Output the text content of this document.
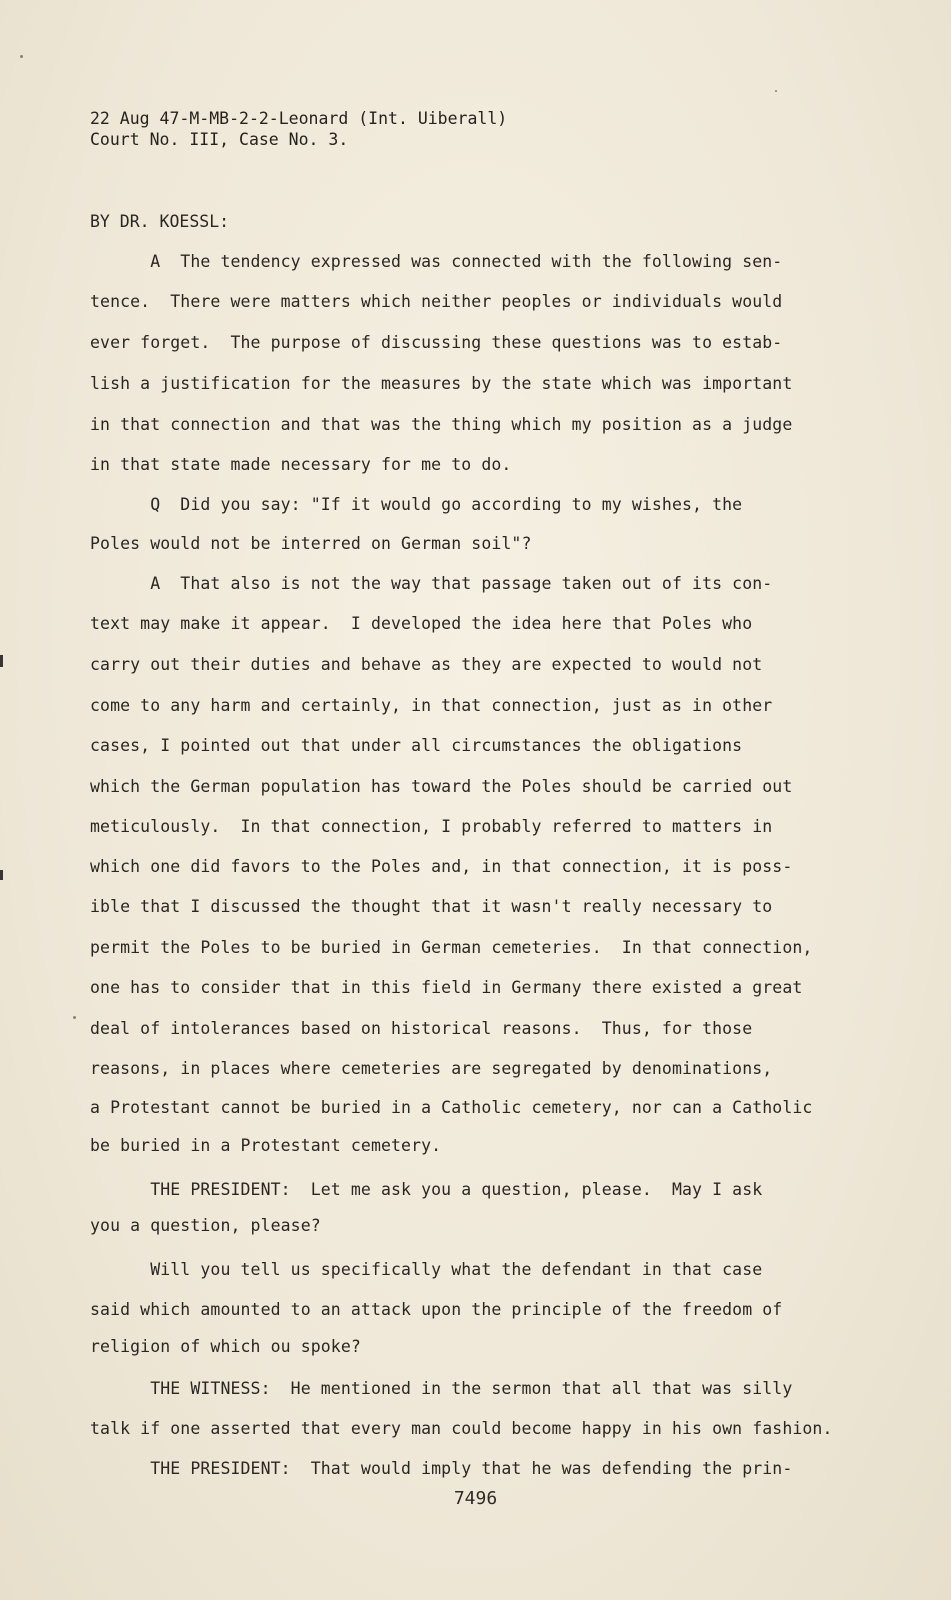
22 Aug 47-M-MB-2-2-Leonard (Int. Uiberall)
Court No. III, Case No. 3.
BY DR. KOESSL:
A  The tendency expressed was connected with the following sen-
tence.  There were matters which neither peoples or individuals would
ever forget.  The purpose of discussing these questions was to estab-
lish a justification for the measures by the state which was important
in that connection and that was the thing which my position as a judge
in that state made necessary for me to do.
Q  Did you say: "If it would go according to my wishes, the
Poles would not be interred on German soil"?
A  That also is not the way that passage taken out of its con-
text may make it appear.  I developed the idea here that Poles who
carry out their duties and behave as they are expected to would not
come to any harm and certainly, in that connection, just as in other
cases, I pointed out that under all circumstances the obligations
which the German population has toward the Poles should be carried out
meticulously.  In that connection, I probably referred to matters in
which one did favors to the Poles and, in that connection, it is poss-
ible that I discussed the thought that it wasn't really necessary to
permit the Poles to be buried in German cemeteries.  In that connection,
one has to consider that in this field in Germany there existed a great
deal of intolerances based on historical reasons.  Thus, for those
reasons, in places where cemeteries are segregated by denominations,
a Protestant cannot be buried in a Catholic cemetery, nor can a Catholic
be buried in a Protestant cemetery.
THE PRESIDENT:  Let me ask you a question, please.  May I ask
you a question, please?
Will you tell us specifically what the defendant in that case
said which amounted to an attack upon the principle of the freedom of
religion of which ou spoke?
THE WITNESS:  He mentioned in the sermon that all that was silly
talk if one asserted that every man could become happy in his own fashion.
THE PRESIDENT:  That would imply that he was defending the prin-
7496
